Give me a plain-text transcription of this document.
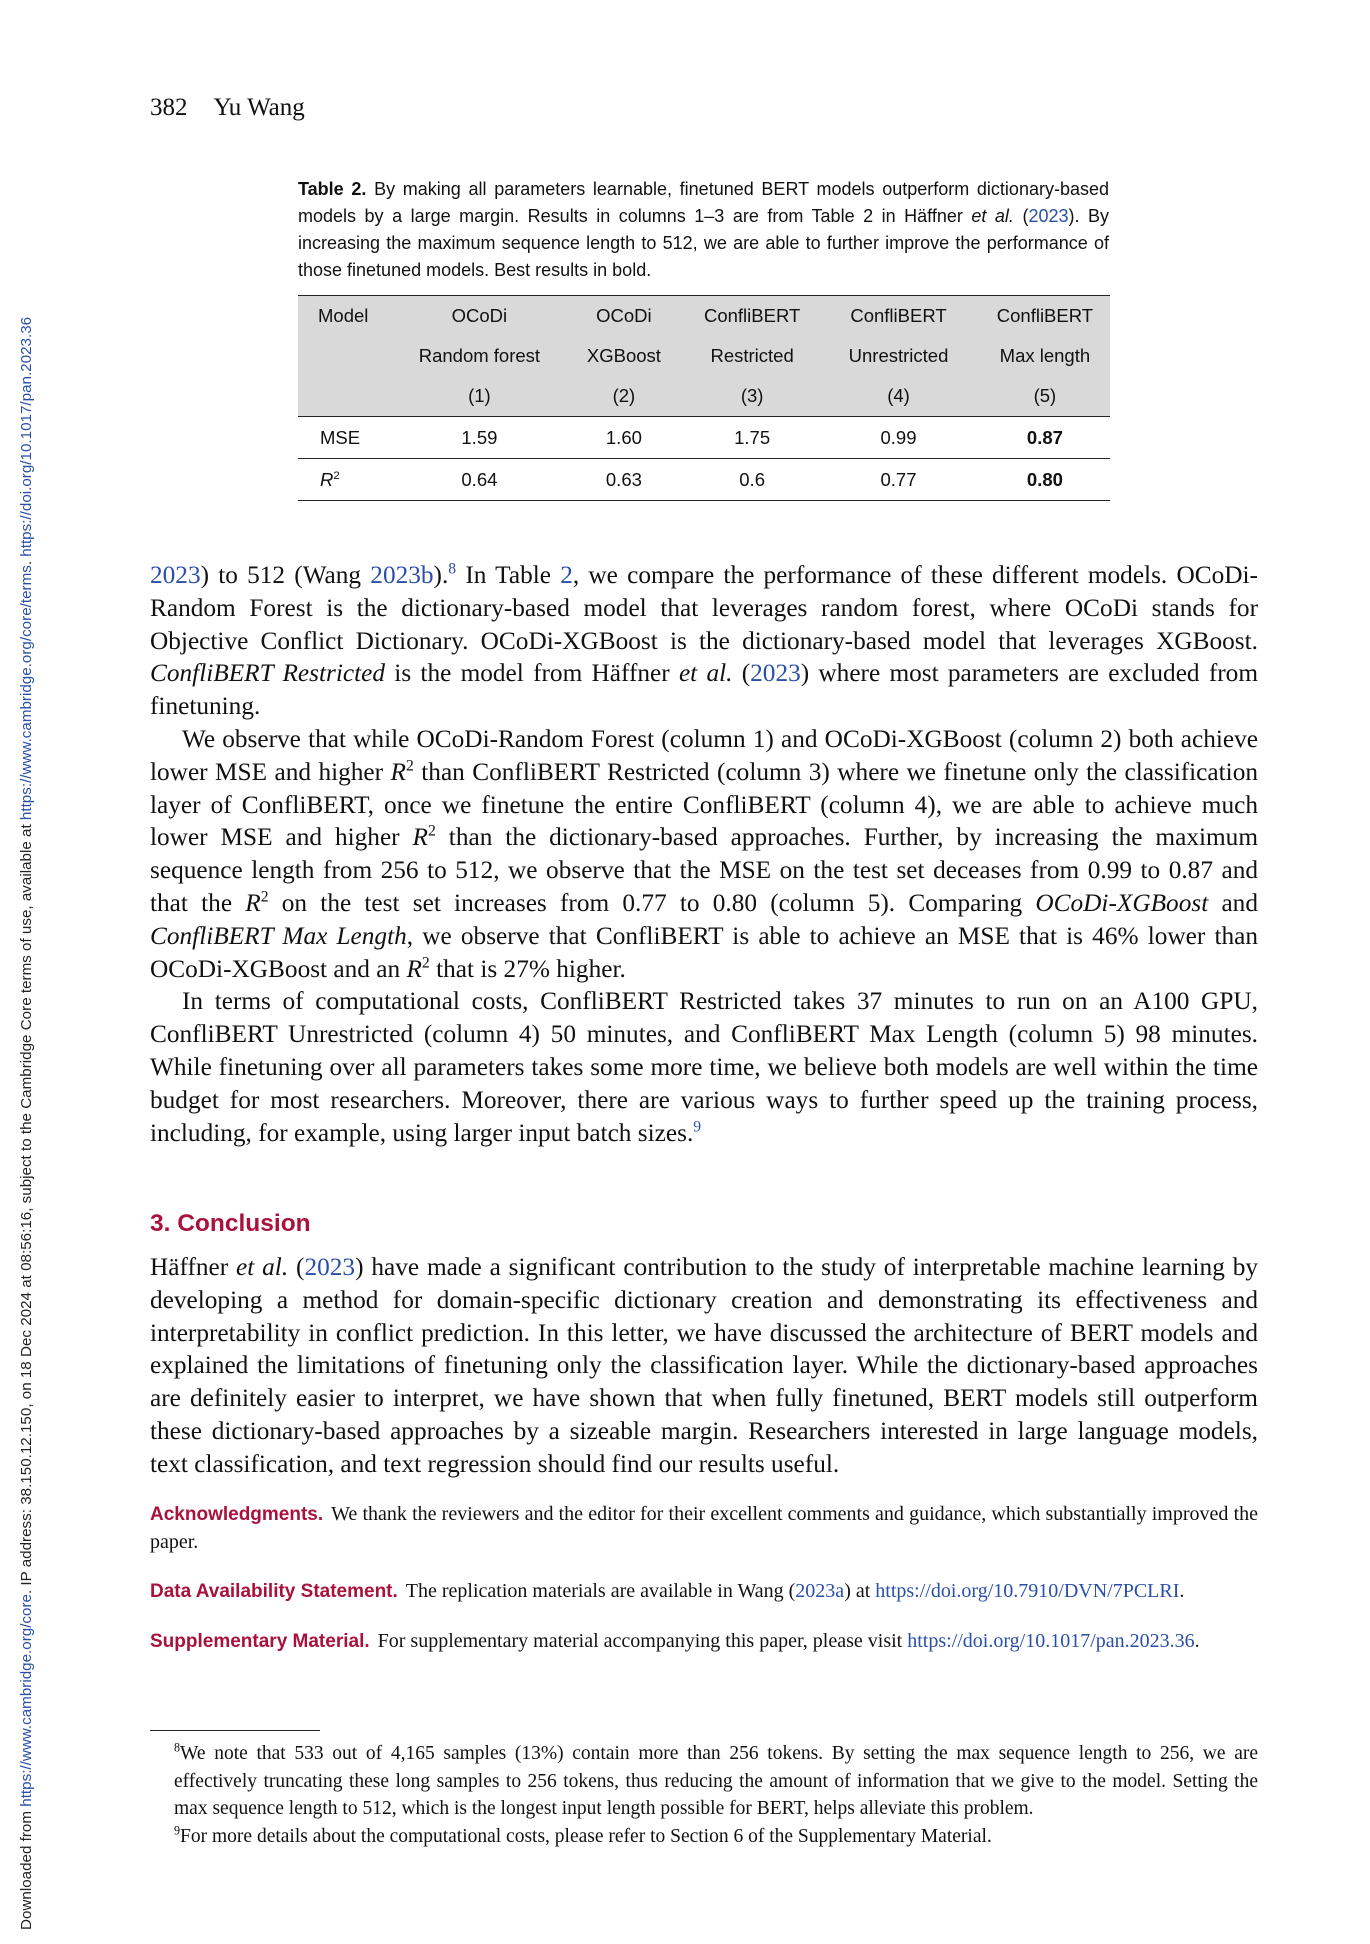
Downloaded from https://www.cambridge.org/core. IP address: 38.150.12.150, on 18 Dec 2024 at 08:56:16, subject to the Cambridge Core terms of use, available at https://www.cambridge.org/core/terms. https://doi.org/10.1017/pan.2023.36
382 Yu Wang
Table 2. By making all parameters learnable, finetuned BERT models outperform dictionary-based models by a large margin. Results in columns 1–3 are from Table 2 in Häffner et al. (2023). By increasing the maximum sequence length to 512, we are able to further improve the performance of those finetuned models. Best results in bold.
Model	OCoDi	OCoDi	ConfliBERT	ConfliBERT	ConfliBERT
	Random forest	XGBoost	Restricted	Unrestricted	Max length
	(1)	(2)	(3)	(4)	(5)
MSE	1.59	1.60	1.75	0.99	0.87
$R^2$	0.64	0.63	0.6	0.77	0.80

2023) to 512 (Wang 2023b).$^8$ In Table 2, we compare the performance of these different models. OCoDi-Random Forest is the dictionary-based model that leverages random forest, where OCoDi stands for Objective Conflict Dictionary. OCoDi-XGBoost is the dictionary-based model that leverages XGBoost. ConfliBERT Restricted is the model from Häffner et al. (2023) where most parameters are excluded from finetuning.

We observe that while OCoDi-Random Forest (column 1) and OCoDi-XGBoost (column 2) both achieve lower MSE and higher $R^2$ than ConfliBERT Restricted (column 3) where we finetune only the classification layer of ConfliBERT, once we finetune the entire ConfliBERT (column 4), we are able to achieve much lower MSE and higher $R^2$ than the dictionary-based approaches. Further, by increasing the maximum sequence length from 256 to 512, we observe that the MSE on the test set deceases from 0.99 to 0.87 and that the $R^2$ on the test set increases from 0.77 to 0.80 (column 5). Comparing OCoDi-XGBoost and ConfliBERT Max Length, we observe that ConfliBERT is able to achieve an MSE that is 46% lower than OCoDi-XGBoost and an $R^2$ that is 27% higher.

In terms of computational costs, ConfliBERT Restricted takes 37 minutes to run on an A100 GPU, ConfliBERT Unrestricted (column 4) 50 minutes, and ConfliBERT Max Length (column 5) 98 minutes. While finetuning over all parameters takes some more time, we believe both models are well within the time budget for most researchers. Moreover, there are various ways to further speed up the training process, including, for example, using larger input batch sizes.$^9$

3. Conclusion

Häffner et al. (2023) have made a significant contribution to the study of interpretable machine learning by developing a method for domain-specific dictionary creation and demonstrating its effectiveness and interpretability in conflict prediction. In this letter, we have discussed the architecture of BERT models and explained the limitations of finetuning only the classification layer. While the dictionary-based approaches are definitely easier to interpret, we have shown that when fully finetuned, BERT models still outperform these dictionary-based approaches by a sizeable margin. Researchers interested in large language models, text classification, and text regression should find our results useful.

Acknowledgments. We thank the reviewers and the editor for their excellent comments and guidance, which substantially improved the paper.
Data Availability Statement. The replication materials are available in Wang (2023a) at https://doi.org/10.7910/DVN/7PCLRI.
Supplementary Material. For supplementary material accompanying this paper, please visit https://doi.org/10.1017/pan.2023.36.

$^8$We note that 533 out of 4,165 samples (13%) contain more than 256 tokens. By setting the max sequence length to 256, we are effectively truncating these long samples to 256 tokens, thus reducing the amount of information that we give to the model. Setting the max sequence length to 512, which is the longest input length possible for BERT, helps alleviate this problem.

$^9$For more details about the computational costs, please refer to Section 6 of the Supplementary Material.
